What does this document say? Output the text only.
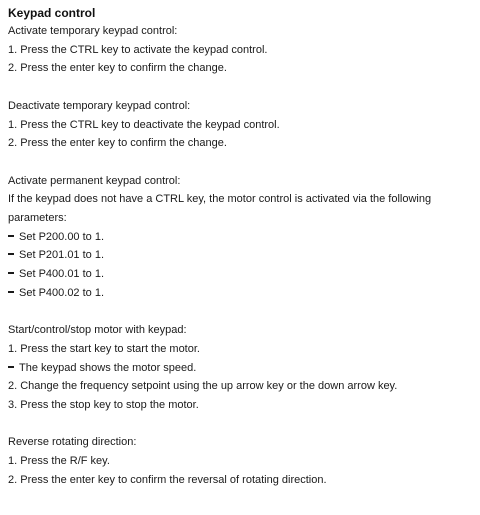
Keypad control

Activate temporary keypad control:

1. Press the CTRL key to activate the keypad control.

2. Press the enter key to confirm the change.

Deactivate temporary keypad control:

1. Press the CTRL key to deactivate the keypad control.

2. Press the enter key to confirm the change.

Activate permanent keypad control:

If the keypad does not have a CTRL key, the motor control is activated via the following parameters:

Set P200.00 to 1.

Set P201.01 to 1.

Set P400.01 to 1.

Set P400.02 to 1.

Start/control/stop motor with keypad:

1. Press the start key to start the motor.

The keypad shows the motor speed.

2. Change the frequency setpoint using the up arrow key or the down arrow key.

3. Press the stop key to stop the motor.

Reverse rotating direction:

1. Press the R/F key.

2. Press the enter key to confirm the reversal of rotating direction.
